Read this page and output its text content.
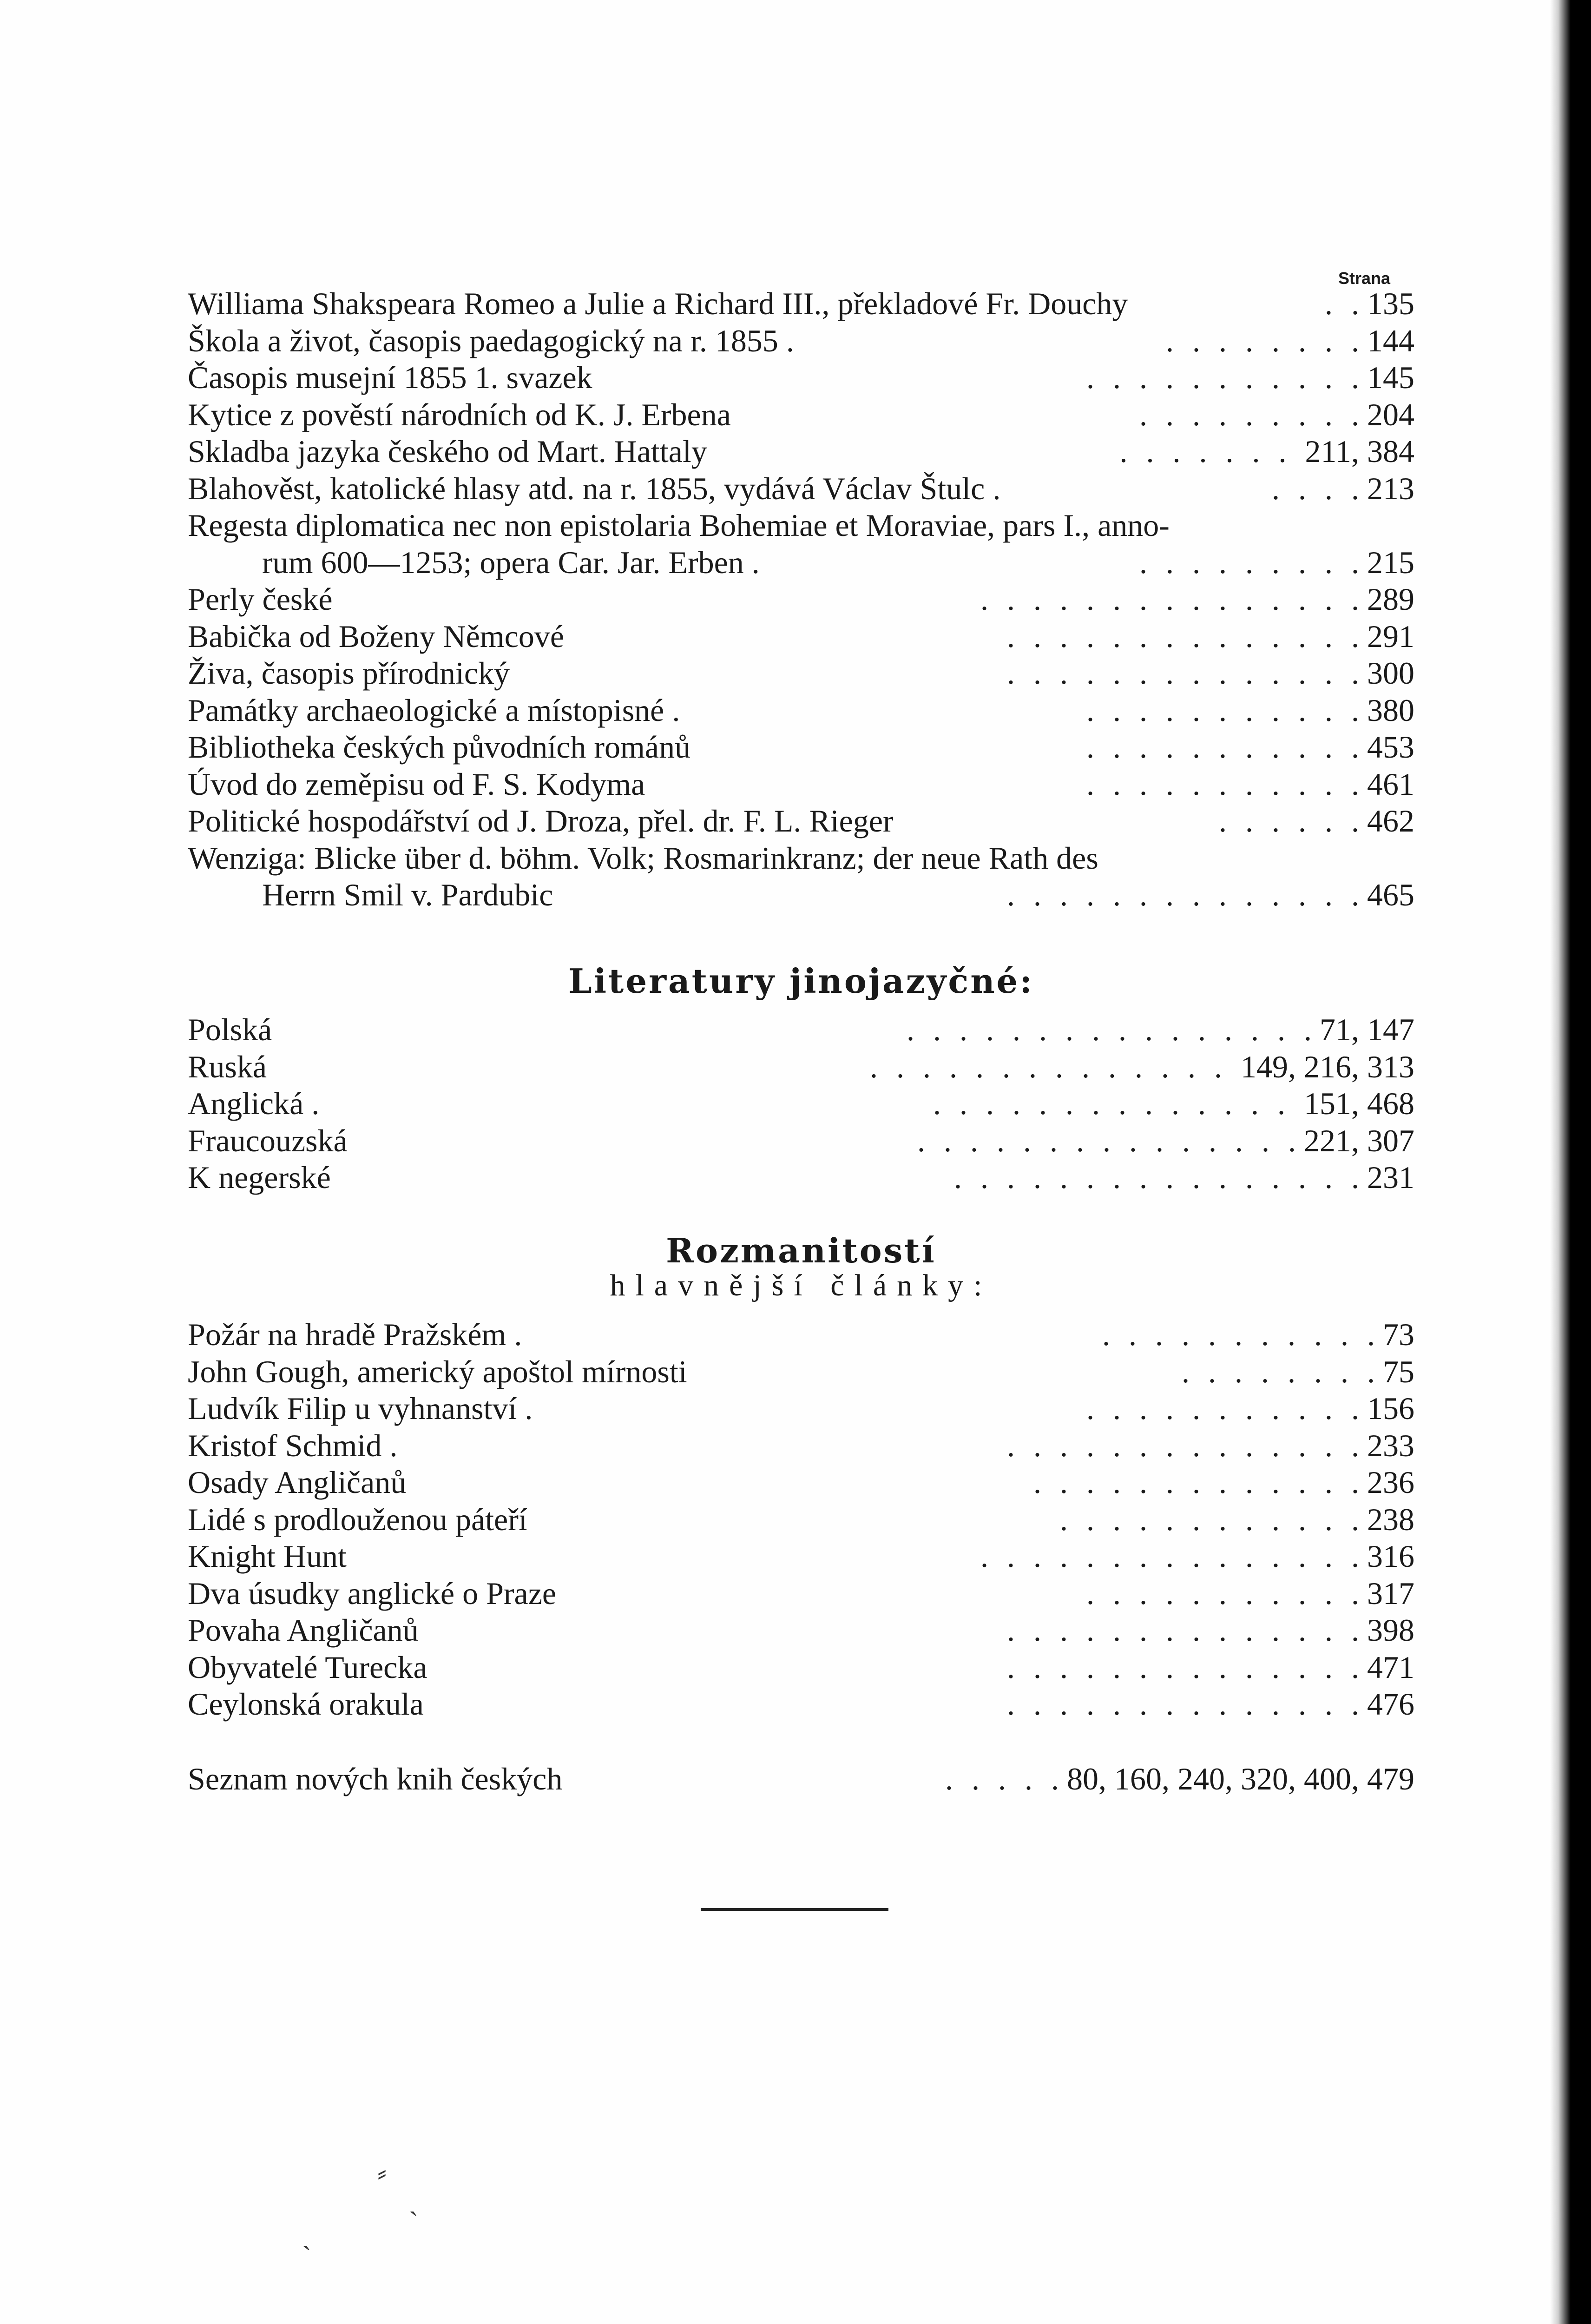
Strana
Williama Shakspeara Romeo a Julie a Richard III., překladové Fr. Douchy	. . 135
Škola a život, časopis paedagogický na r. 1855 .	....... . 144
Časopis musejní 1855 1. svazek	.......... . 145
Kytice z pověstí národních od K. J. Erbena	........ . 204
Skladba jazyka českého od Mart. Hattaly	....... 211, 384
Blahověst, katolické hlasy atd. na r. 1855, vydává Václav Štulc .	... . 213
Regesta diplomatica nec non epistolaria Bohemiae et Moraviae, pars I., anno-
rum 600—1253; opera Car. Jar. Erben .	........ . 215
Perly české	.............. . 289
Babička od Boženy Němcové	............. . 291
Živa, časopis přírodnický	............. . 300
Památky archaeologické a místopisné .	.......... . 380
Bibliotheka českých původních románů	.......... . 453
Úvod do zeměpisu od F. S. Kodyma	.......... . 461
Politické hospodářství od J. Droza, přel. dr. F. L. Rieger	..... . 462
Wenziga: Blicke über d. böhm. Volk; Rosmarinkranz; der neue Rath des
Herrn Smil v. Pardubic	............. . 465
Literatury jinojazyčné:
Polská	............... . 71, 147
Ruská	.............. 149, 216, 313
Anglická .	.............. 151, 468
Fraucouzská	.............. . 221, 307
K negerské	............... . 231
Rozmanitostí
hlavnější články:
Požár na hradě Pražském .	.......... . 73
John Gough, americký apoštol mírnosti	....... . 75
Ludvík Filip u vyhnanství .	.......... . 156
Kristof Schmid .	............. . 233
Osady Angličanů	............ . 236
Lidé s prodlouženou páteří	........... . 238
Knight Hunt	.............. . 316
Dva úsudky anglické o Praze	.......... . 317
Povaha Angličanů	............. . 398
Obyvatelé Turecka	............. . 471
Ceylonská orakula	............. . 476
Seznam nových knih českých	.... . 80, 160, 240, 320, 400, 479
⸗
ˎ
ˋ
